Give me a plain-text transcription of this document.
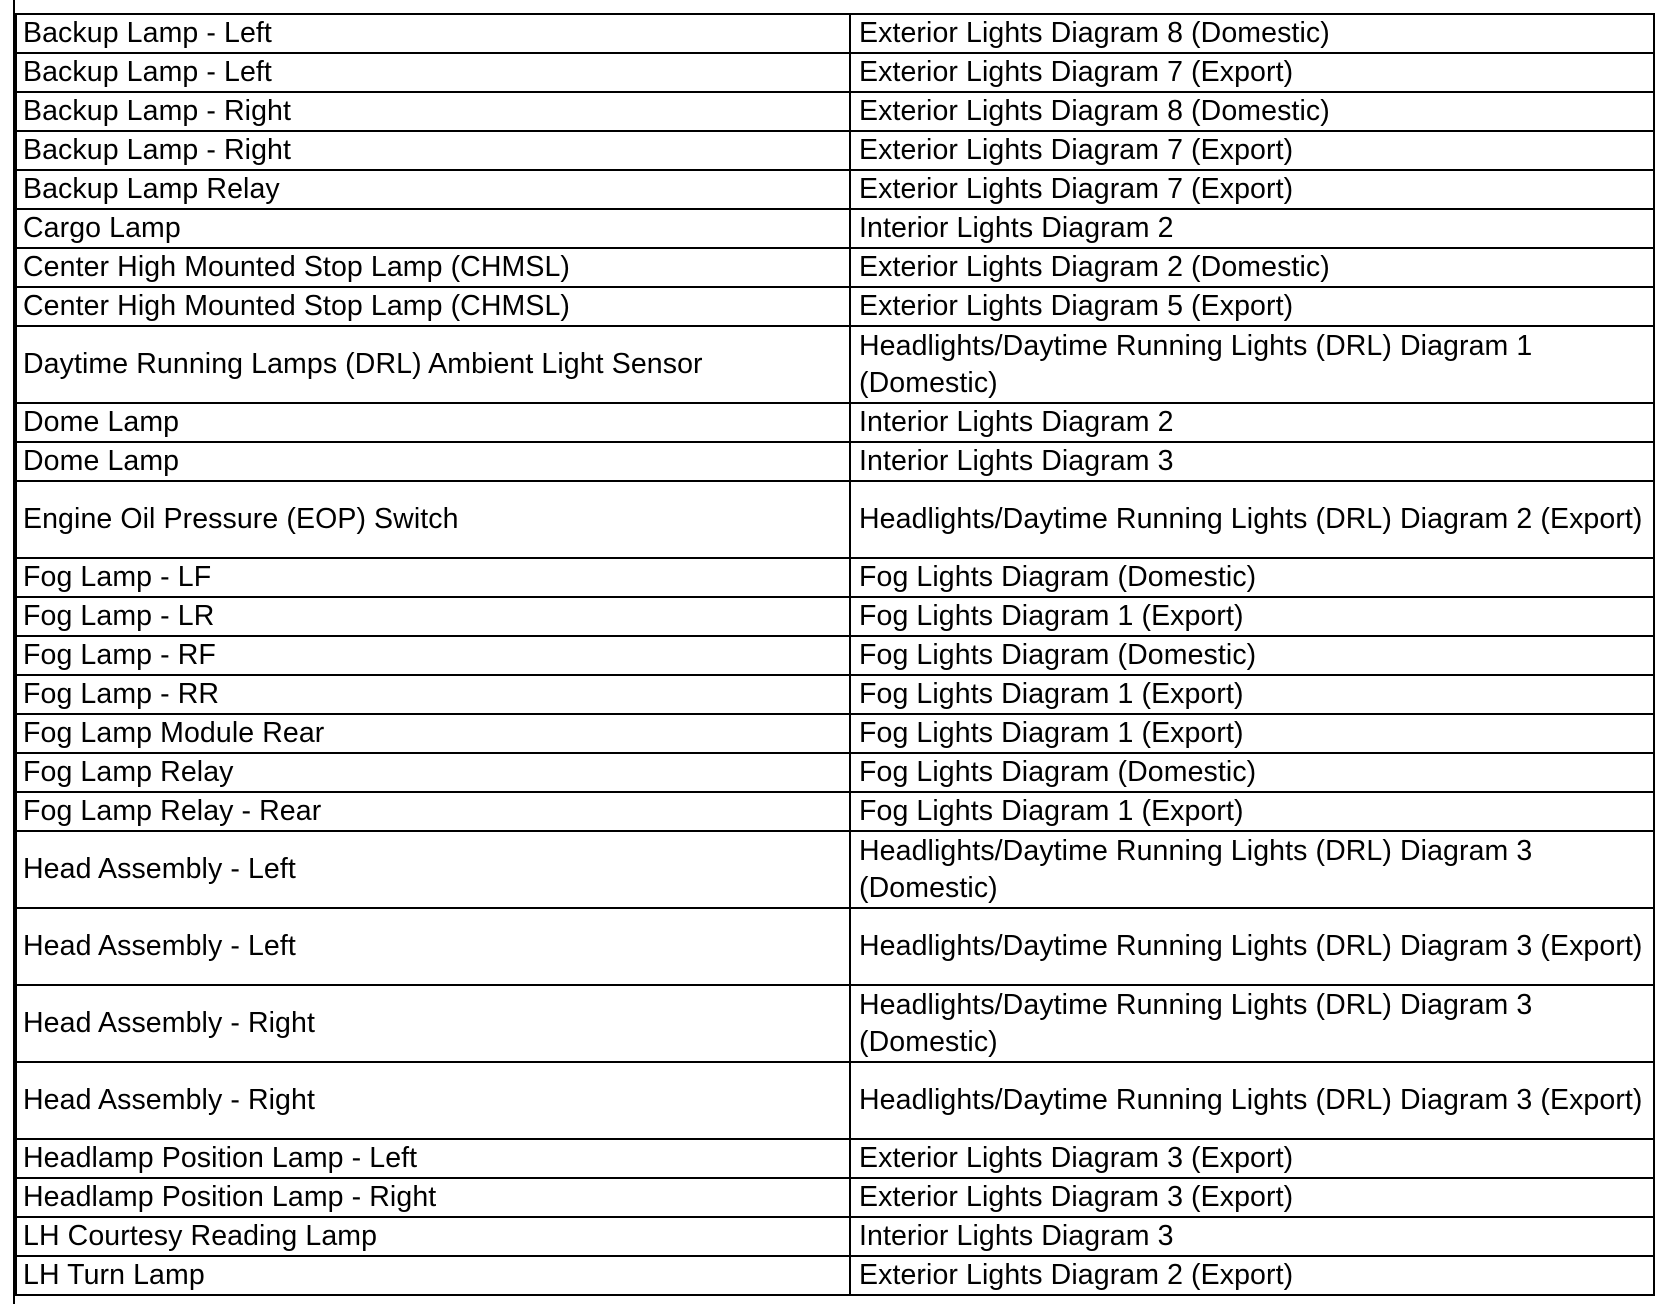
Backup Lamp - Left	Exterior Lights Diagram 8 (Domestic)
Backup Lamp - Left	Exterior Lights Diagram 7 (Export)
Backup Lamp - Right	Exterior Lights Diagram 8 (Domestic)
Backup Lamp - Right	Exterior Lights Diagram 7 (Export)
Backup Lamp Relay	Exterior Lights Diagram 7 (Export)
Cargo Lamp	Interior Lights Diagram 2
Center High Mounted Stop Lamp (CHMSL)	Exterior Lights Diagram 2 (Domestic)
Center High Mounted Stop Lamp (CHMSL)	Exterior Lights Diagram 5 (Export)
Daytime Running Lamps (DRL) Ambient Light Sensor	Headlights/Daytime Running Lights (DRL) Diagram 1 (Domestic)
Dome Lamp	Interior Lights Diagram 2
Dome Lamp	Interior Lights Diagram 3
Engine Oil Pressure (EOP) Switch	Headlights/Daytime Running Lights (DRL) Diagram 2 (Export)
Fog Lamp - LF	Fog Lights Diagram (Domestic)
Fog Lamp - LR	Fog Lights Diagram 1 (Export)
Fog Lamp - RF	Fog Lights Diagram (Domestic)
Fog Lamp - RR	Fog Lights Diagram 1 (Export)
Fog Lamp Module Rear	Fog Lights Diagram 1 (Export)
Fog Lamp Relay	Fog Lights Diagram (Domestic)
Fog Lamp Relay - Rear	Fog Lights Diagram 1 (Export)
Head Assembly - Left	Headlights/Daytime Running Lights (DRL) Diagram 3 (Domestic)
Head Assembly - Left	Headlights/Daytime Running Lights (DRL) Diagram 3 (Export)
Head Assembly - Right	Headlights/Daytime Running Lights (DRL) Diagram 3 (Domestic)
Head Assembly - Right	Headlights/Daytime Running Lights (DRL) Diagram 3 (Export)
Headlamp Position Lamp - Left	Exterior Lights Diagram 3 (Export)
Headlamp Position Lamp - Right	Exterior Lights Diagram 3 (Export)
LH Courtesy Reading Lamp	Interior Lights Diagram 3
LH Turn Lamp	Exterior Lights Diagram 2 (Export)
